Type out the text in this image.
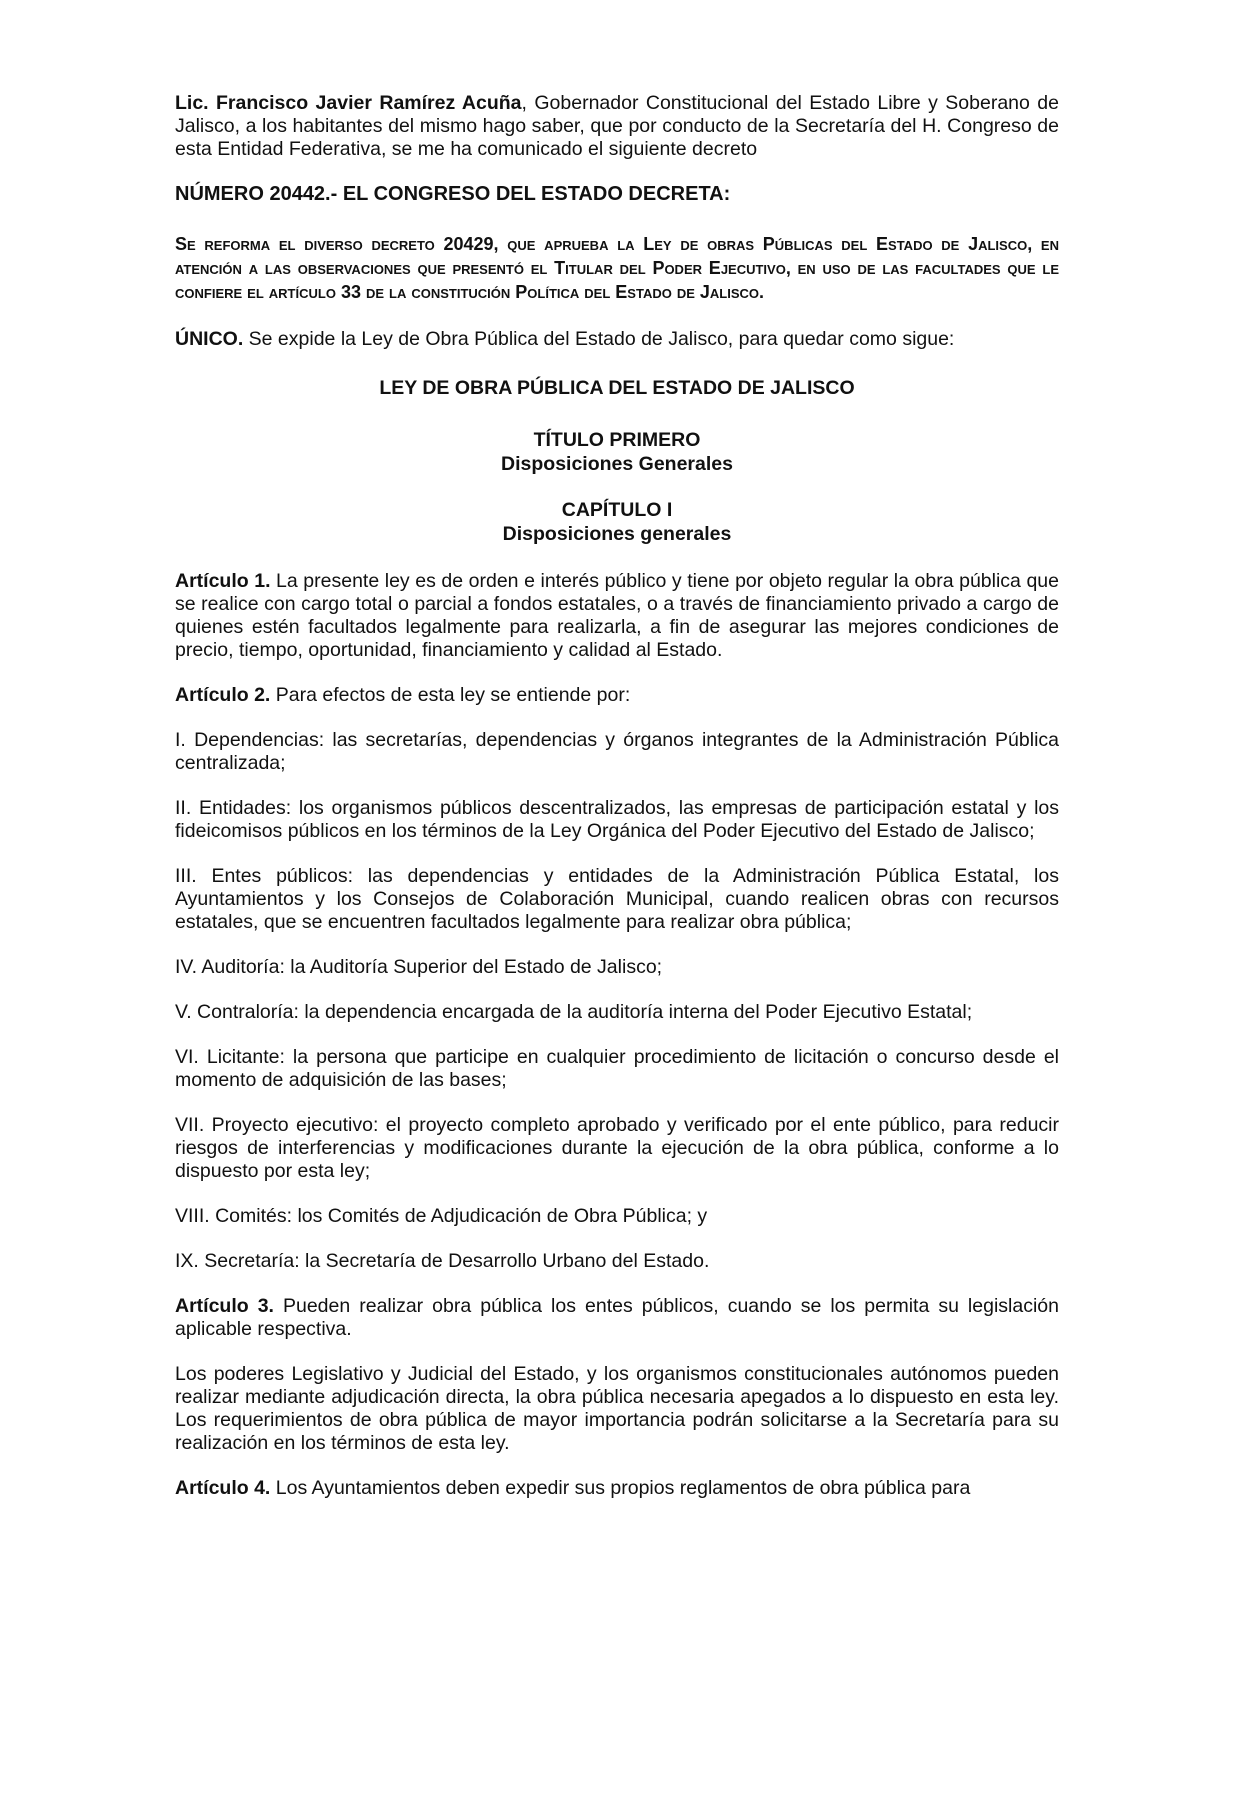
Lic. Francisco Javier Ramírez Acuña, Gobernador Constitucional del Estado Libre y Soberano de Jalisco, a los habitantes del mismo hago saber, que por conducto de la Secretaría del H. Congreso de esta Entidad Federativa, se me ha comunicado el siguiente decreto

NÚMERO 20442.- EL CONGRESO DEL ESTADO DECRETA:

Se reforma el diverso decreto 20429, que aprueba la Ley de obras Públicas del Estado de Jalisco, en atención a las observaciones que presentó el Titular del Poder Ejecutivo, en uso de las facultades que le confiere el artículo 33 de la constitución Política del Estado de Jalisco.

ÚNICO. Se expide la Ley de Obra Pública del Estado de Jalisco, para quedar como sigue:

LEY DE OBRA PÚBLICA DEL ESTADO DE JALISCO
TÍTULO PRIMERO
Disposiciones Generales
CAPÍTULO I
Disposiciones generales

Artículo 1. La presente ley es de orden e interés público y tiene por objeto regular la obra pública que se realice con cargo total o parcial a fondos estatales, o a través de financiamiento privado a cargo de quienes estén facultados legalmente para realizarla, a fin de asegurar las mejores condiciones de precio, tiempo, oportunidad, financiamiento y calidad al Estado.

Artículo 2. Para efectos de esta ley se entiende por:

I. Dependencias: las secretarías, dependencias y órganos integrantes de la Administración Pública centralizada;

II. Entidades: los organismos públicos descentralizados, las empresas de participación estatal y los fideicomisos públicos en los términos de la Ley Orgánica del Poder Ejecutivo del Estado de Jalisco;

III. Entes públicos: las dependencias y entidades de la Administración Pública Estatal, los Ayuntamientos y los Consejos de Colaboración Municipal, cuando realicen obras con recursos estatales, que se encuentren facultados legalmente para realizar obra pública;

IV. Auditoría: la Auditoría Superior del Estado de Jalisco;

V. Contraloría: la dependencia encargada de la auditoría interna del Poder Ejecutivo Estatal;

VI. Licitante: la persona que participe en cualquier procedimiento de licitación o concurso desde el momento de adquisición de las bases;

VII. Proyecto ejecutivo: el proyecto completo aprobado y verificado por el ente público, para reducir riesgos de interferencias y modificaciones durante la ejecución de la obra pública, conforme a lo dispuesto por esta ley;

VIII. Comités: los Comités de Adjudicación de Obra Pública; y

IX. Secretaría: la Secretaría de Desarrollo Urbano del Estado.

Artículo 3. Pueden realizar obra pública los entes públicos, cuando se los permita su legislación aplicable respectiva.

Los poderes Legislativo y Judicial del Estado, y los organismos constitucionales autónomos pueden realizar mediante adjudicación directa, la obra pública necesaria apegados a lo dispuesto en esta ley. Los requerimientos de obra pública de mayor importancia podrán solicitarse a la Secretaría para su realización en los términos de esta ley.

Artículo 4. Los Ayuntamientos deben expedir sus propios reglamentos de obra pública para
